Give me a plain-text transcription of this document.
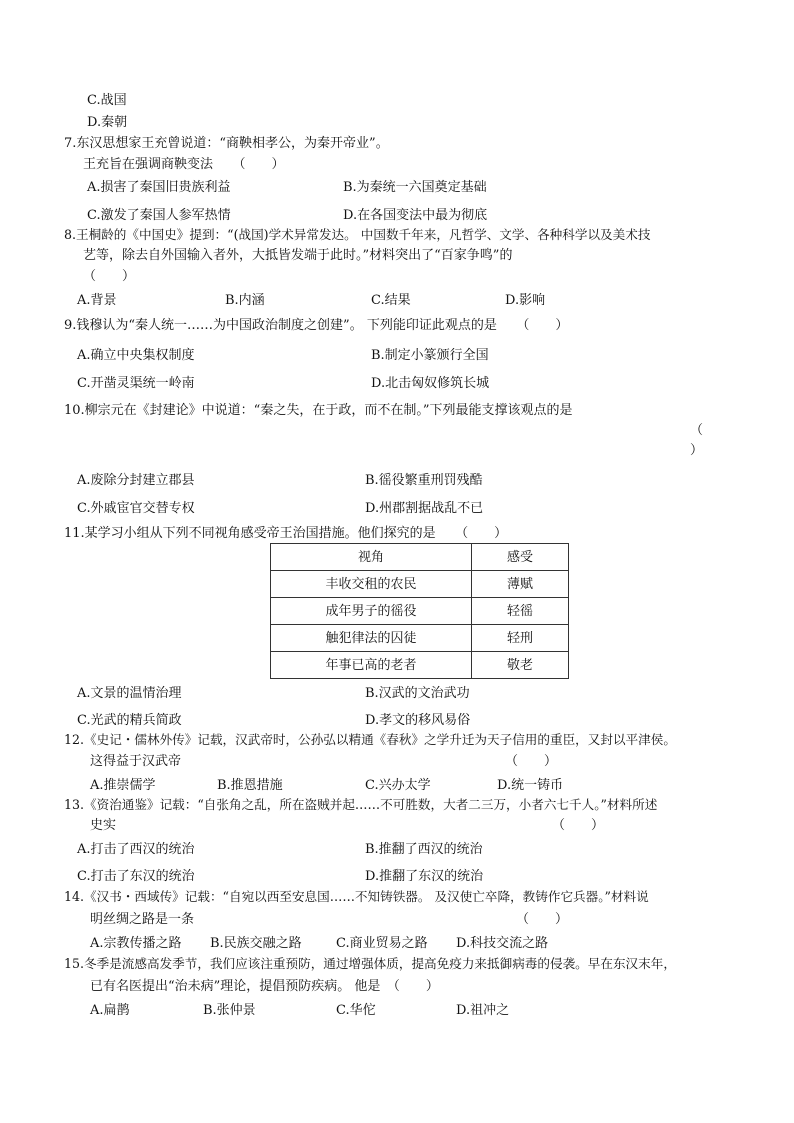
C.战国
D.秦朝
7.东汉思想家王充曾说道：“商鞅相孝公，为秦开帝业”。
王充旨在强调商鞅变法　　（　　）
A.损害了秦国旧贵族利益	B.为秦统一六国奠定基础
C.激发了秦国人参军热情	D.在各国变法中最为彻底
8.王桐龄的《中国史》提到：“(战国)学术异常发达。 中国数千年来，凡哲学、文学、各种科学以及美术技
艺等，除去自外国输入者外，大抵皆发端于此时。”材料突出了“百家争鸣”的
（　　）
A.背景	B.内涵	C.结果	D.影响
9.钱穆认为“秦人统一……为中国政治制度之创建”。 下列能印证此观点的是　　（　　）
A.确立中央集权制度	B.制定小篆颁行全国
C.开凿灵渠统一岭南	D.北击匈奴修筑长城
10.柳宗元在《封建论》中说道：“秦之失，在于政，而不在制。”下列最能支撑该观点的是
（
）
A.废除分封建立郡县	B.徭役繁重刑罚残酷
C.外戚宦官交替专权	D.州郡割据战乱不已
11.某学习小组从下列不同视角感受帝王治国措施。他们探究的是　　（　　）
视角	感受
丰收交租的农民	薄赋
成年男子的徭役	轻徭
触犯律法的囚徒	轻刑
年事已高的老者	敬老
A.文景的温情治理	B.汉武的文治武功
C.光武的精兵简政	D.孝文的移风易俗
12.《史记・儒林外传》记载，汉武帝时，公孙弘以精通《春秋》之学升迁为天子信用的重臣，又封以平津侯。
这得益于汉武帝	（　　）
A.推崇儒学	B.推恩措施	C.兴办太学	D.统一铸币
13.《资治通鉴》记载：“自张角之乱，所在盗贼并起……不可胜数，大者二三万，小者六七千人。”材料所述
史实	（　　）
A.打击了西汉的统治	B.推翻了西汉的统治
C.打击了东汉的统治	D.推翻了东汉的统治
14.《汉书・西域传》记载：“自宛以西至安息国……不知铸铁器。 及汉使亡卒降，教铸作它兵器。”材料说
明丝绸之路是一条	（　　）
A.宗教传播之路 B.民族交融之路	C.商业贸易之路 D.科技交流之路
15.冬季是流感高发季节，我们应该注重预防，通过增强体质，提高免疫力来抵御病毒的侵袭。早在东汉末年，
已有名医提出“治未病”理论，提倡预防疾病。 他是　（　　）
A.扁鹊	B.张仲景	C.华佗	D.祖冲之
